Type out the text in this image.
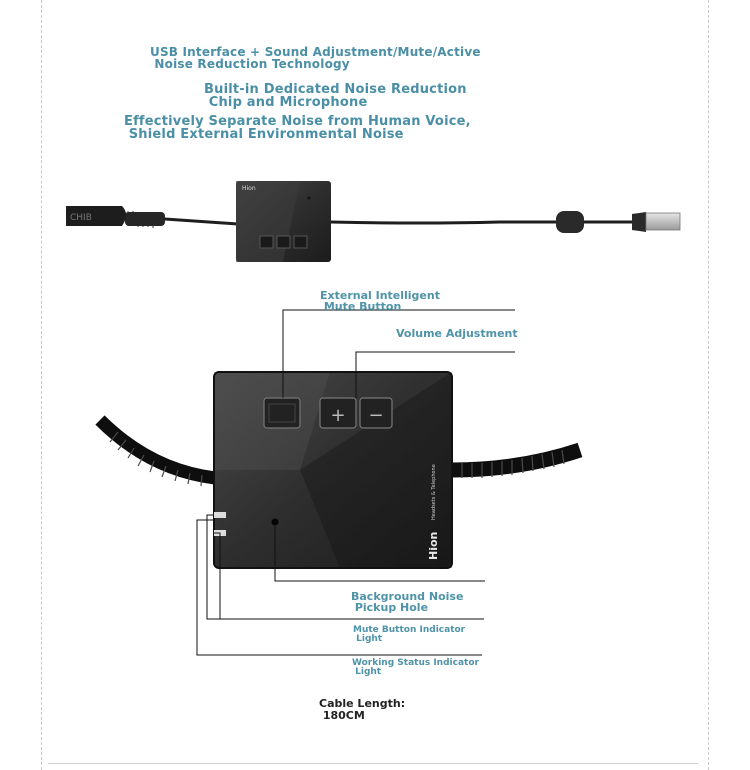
USB Interface + Sound Adjustment/Mute/Active
Noise Reduction Technology
Built-in Dedicated Noise Reduction
Chip and Microphone
Effectively Separate Noise from Human Voice,
Shield External Environmental Noise
CHIB
Hion
+ −
Hion
Headsets & Telephone
External Intelligent
Mute Button
Volume Adjustment
Background Noise
Pickup Hole
Mute Button Indicator
Light
Working Status Indicator
Light
Cable Length:
180CM
